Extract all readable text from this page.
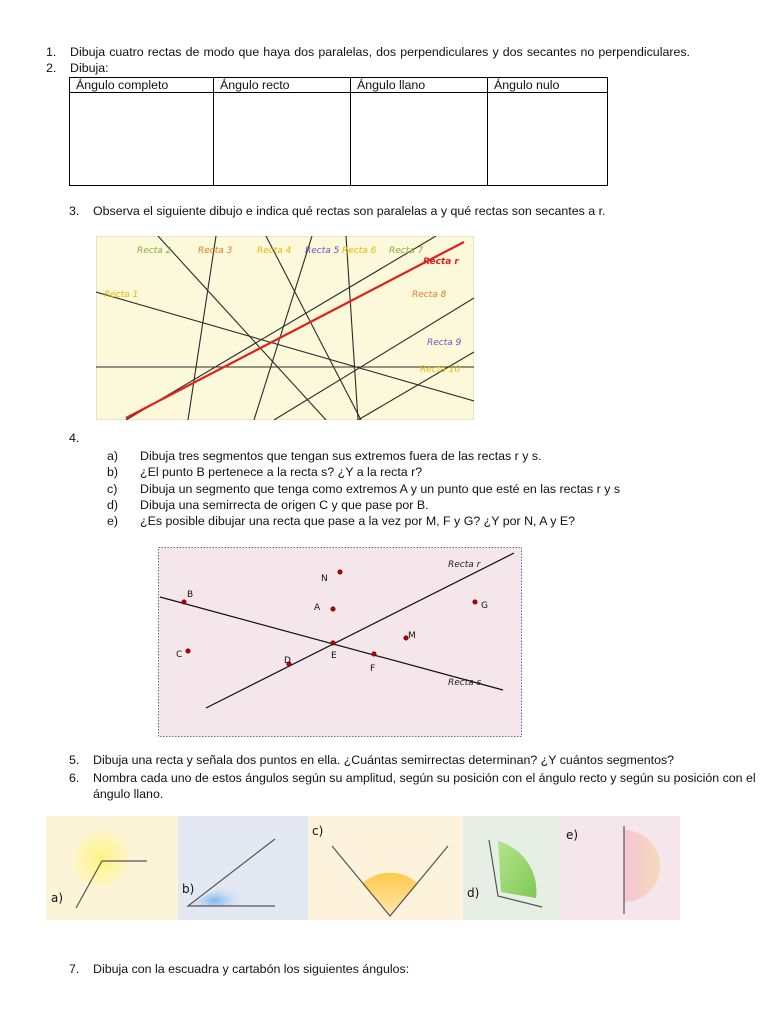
1. Dibuja cuatro rectas de modo que haya dos paralelas, dos perpendiculares y dos secantes no perpendiculares.
2. Dibuja:
Ángulo completo	Ángulo recto	Ángulo llano	Ángulo nulo

3. Observa el siguiente dibujo e indica qué rectas son paralelas a y qué rectas son secantes a r.
Recta 1
Recta 2	Recta 3	Recta 4 Recta 5 Recta 6 Recta 7
Recta 8
Recta 9
Recta 10
Recta r
4.
a) Dibuja tres segmentos que tengan sus extremos fuera de las rectas r y s.
b) ¿El punto B pertenece a la recta s? ¿Y a la recta r?
c) Dibuja un segmento que tenga como extremos A y un punto que esté en las rectas r y s
d) Dibuja una semirrecta de origen C y que pase por B.
e) ¿Es posible dibujar una recta que pase a la vez por M, F y G? ¿Y por N, A y E?
Recta r
Recta s
N
A
B
G
M
C
D	E
F
5. Dibuja una recta y señala dos puntos en ella. ¿Cuántas semirrectas determinan? ¿Y cuántos segmentos?
6. Nombra cada uno de estos ángulos según su amplitud, según su posición con el ángulo recto y según su posición con el
ángulo llano.
a)
b)
c)
d)
e)
7. Dibuja con la escuadra y cartabón los siguientes ángulos:
